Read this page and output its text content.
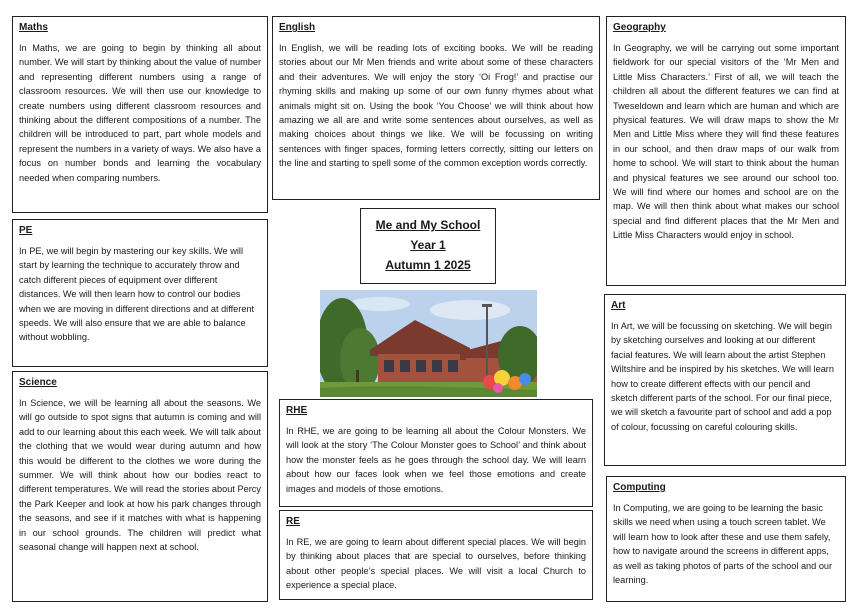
Maths

In Maths, we are going to begin by thinking all about number. We will start by thinking about the value of number and representing different numbers using a range of classroom resources. We will then use our knowledge to create numbers using different classroom resources and thinking about the different compositions of a number. The children will be introduced to part, part whole models and represent the numbers in a variety of ways. We also have a focus on number bonds and learning the vocabulary needed when comparing numbers.

PE

In PE, we will begin by mastering our key skills. We will start by learning the technique to accurately throw and catch different pieces of equipment over different distances. We will then learn how to control our bodies when we are moving in different directions and at different speeds. We will also ensure that we are able to balance without wobbling.

Science

In Science, we will be learning all about the seasons. We will go outside to spot signs that autumn is coming and will add to our learning about this each week. We will talk about the clothing that we would wear during autumn and how this would be different to the clothes we wore during the summer. We will think about how our bodies react to different temperatures. We will read the stories about Percy the Park Keeper and look at how his park changes through the seasons, and see if it matches with what is happening in our school grounds. The children will predict what seasonal change will happen next at school.

English

In English, we will be reading lots of exciting books. We will be reading stories about our Mr Men friends and write about some of these characters and their adventures. We will enjoy the story ‘Oi Frog!’ and practise our rhyming skills and making up some of our own funny rhymes about what animals might sit on. Using the book ‘You Choose’ we will think about how amazing we all are and write some sentences about ourselves, as well as making choices about things we like. We will be focussing on writing sentences with finger spaces, forming letters correctly, sitting our letters on the line and starting to spell some of the common exception words correctly.

Me and My School
Year 1
Autumn 1 2025
RHE

In RHE, we are going to be learning all about the Colour Monsters. We will look at the story ‘The Colour Monster goes to School’ and think about how the monster feels as he goes through the school day. We will learn about how our faces look when we feel those emotions and create images and models of those emotions.

RE

In RE, we are going to learn about different special places. We will begin by thinking about places that are special to ourselves, before thinking about other people’s special places. We will visit a local Church to experience a special place.

Geography

In Geography, we will be carrying out some important fieldwork for our special visitors of the ‘Mr Men and Little Miss Characters.’ First of all, we will teach the children all about the different features we can find at Tweseldown and learn which are human and which are physical features. We will draw maps to show the Mr Men and Little Miss where they will find these features in our school, and then draw maps of our walk from home to school. We will start to think about the human and physical features we see around our school too. We will find where our homes and school are on the map. We will then think about what makes our school special and find different places that the Mr Men and Little Miss Characters would enjoy in school.

Art

In Art, we will be focussing on sketching. We will begin by sketching ourselves and looking at our different facial features. We will learn about the artist Stephen Wiltshire and be inspired by his sketches. We will learn how to create different effects with our pencil and sketch different parts of the school. For our final piece, we will sketch a favourite part of school and add a pop of colour, focussing on careful colouring skills.

Computing

In Computing, we are going to be learning the basic skills we need when using a touch screen tablet. We will learn how to look after these and use them safely, how to navigate around the screens in different apps, as well as taking photos of parts of the school and our learning.
